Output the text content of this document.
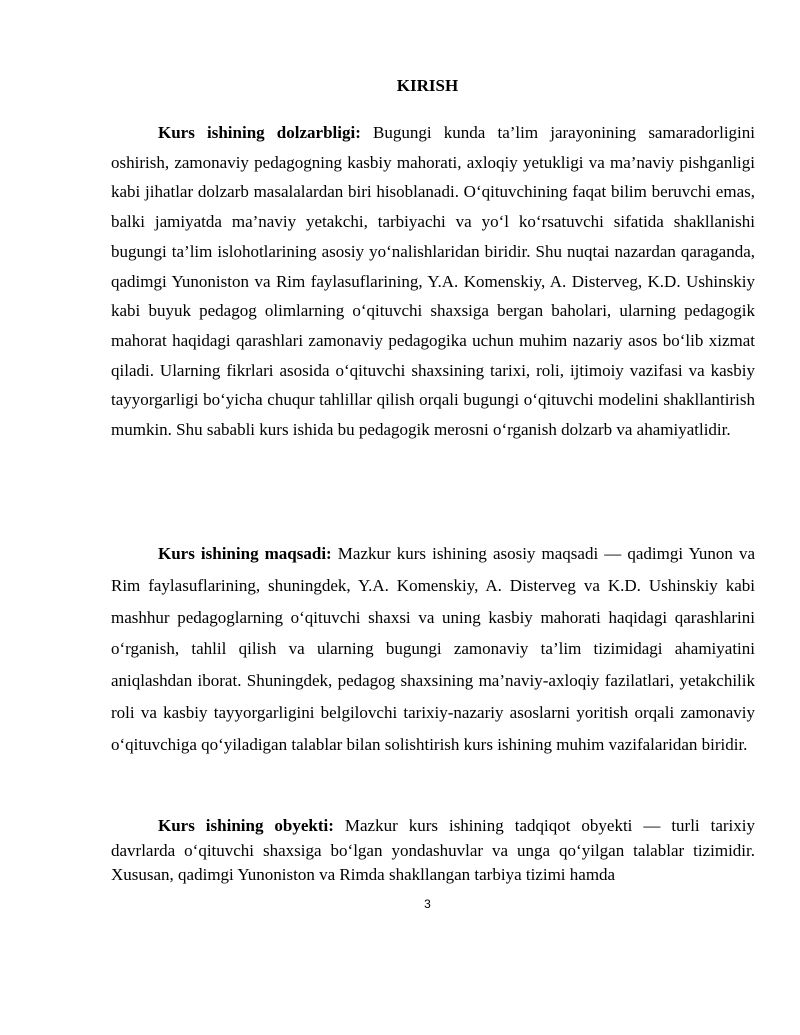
KIRISH

Kurs ishining dolzarbligi: Bugungi kunda ta’lim jarayonining samaradorligini oshirish, zamonaviy pedagogning kasbiy mahorati, axloqiy yetukligi va ma’naviy pishganligi kabi jihatlar dolzarb masalalardan biri hisoblanadi. O‘qituvchining faqat bilim beruvchi emas, balki jamiyatda ma’naviy yetakchi, tarbiyachi va yo‘l ko‘rsatuvchi sifatida shakllanishi bugungi ta’lim islohotlarining asosiy yo‘nalishlaridan biridir. Shu nuqtai nazardan qaraganda, qadimgi Yunoniston va Rim faylasuflarining, Y.A. Komenskiy, A. Disterveg, K.D. Ushinskiy kabi buyuk pedagog olimlarning o‘qituvchi shaxsiga bergan baholari, ularning pedagogik mahorat haqidagi qarashlari zamonaviy pedagogika uchun muhim nazariy asos bo‘lib xizmat qiladi. Ularning fikrlari asosida o‘qituvchi shaxsining tarixi, roli, ijtimoiy vazifasi va kasbiy tayyorgarligi bo‘yicha chuqur tahlillar qilish orqali bugungi o‘qituvchi modelini shakllantirish mumkin. Shu sababli kurs ishida bu pedagogik merosni o‘rganish dolzarb va ahamiyatlidir.

Kurs ishining maqsadi: Mazkur kurs ishining asosiy maqsadi — qadimgi Yunon va Rim faylasuflarining, shuningdek, Y.A. Komenskiy, A. Disterveg va K.D. Ushinskiy kabi mashhur pedagoglarning o‘qituvchi shaxsi va uning kasbiy mahorati haqidagi qarashlarini o‘rganish, tahlil qilish va ularning bugungi zamonaviy ta’lim tizimidagi ahamiyatini aniqlashdan iborat. Shuningdek, pedagog shaxsining ma’naviy-axloqiy fazilatlari, yetakchilik roli va kasbiy tayyorgarligini belgilovchi tarixiy-nazariy asoslarni yoritish orqali zamonaviy o‘qituvchiga qo‘yiladigan talablar bilan solishtirish kurs ishining muhim vazifalaridan biridir.

Kurs ishining obyekti: Mazkur kurs ishining tadqiqot obyekti — turli tarixiy davrlarda o‘qituvchi shaxsiga bo‘lgan yondashuvlar va unga qo‘yilgan talablar tizimidir. Xususan, qadimgi Yunoniston va Rimda shakllangan tarbiya tizimi hamda

3
